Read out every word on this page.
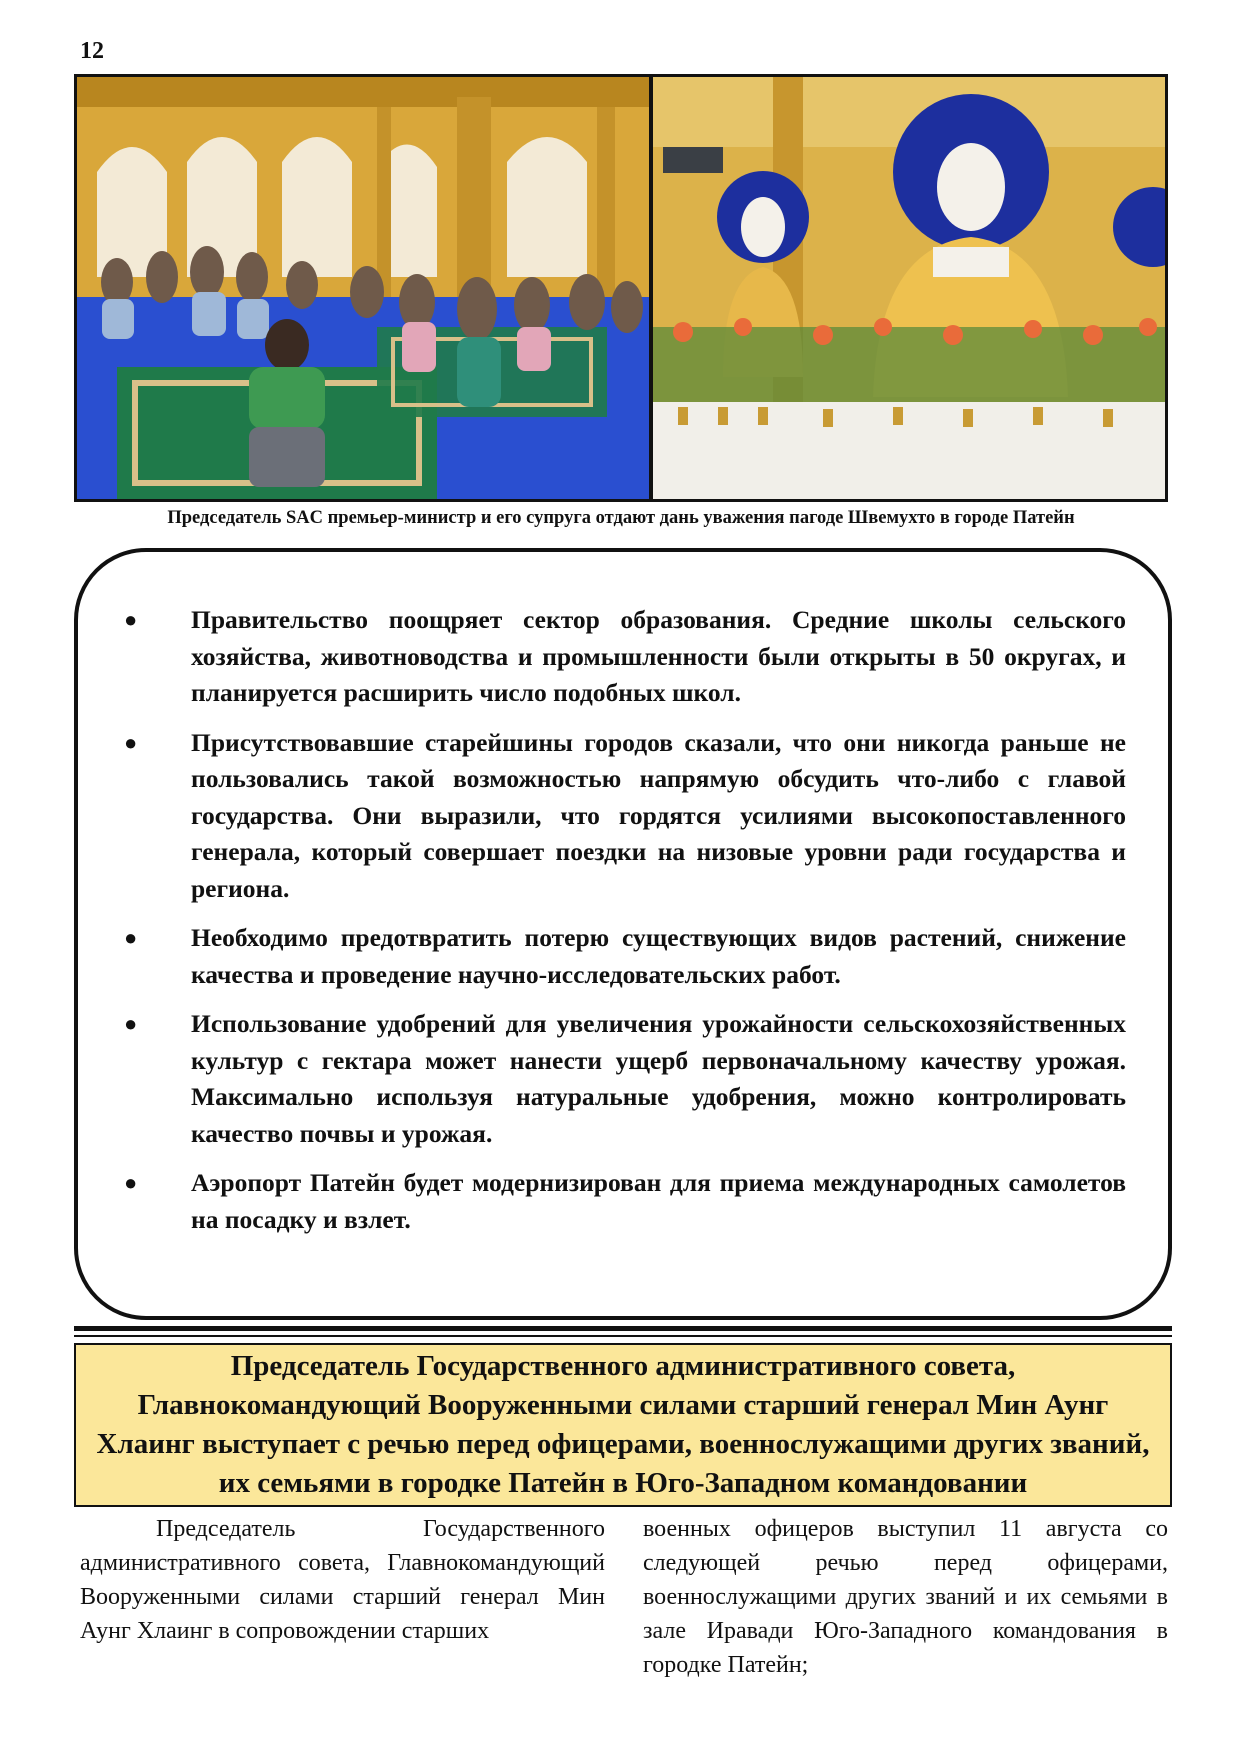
12
Председатель SAC премьер-министр и его супруга отдают дань уважения пагоде Швемухто в городе Патейн
● Правительство поощряет сектор образования. Средние школы сельского хозяйства, животноводства и промышленности были открыты в 50 округах, и планируется расширить число подобных школ.
● Присутствовавшие старейшины городов сказали, что они никогда раньше не пользовались такой возможностью напрямую обсудить что-либо с главой государства. Они выразили, что гордятся усилиями высокопоставленного генерала, который совершает поездки на низовые уровни ради государства и региона.
● Необходимо предотвратить потерю существующих видов растений, снижение качества и проведение научно-исследовательских работ.
● Использование удобрений для увеличения урожайности сельскохозяйственных культур с гектара может нанести ущерб первоначальному качеству урожая. Максимально используя натуральные удобрения, можно контролировать качество почвы и урожая.
● Аэропорт Патейн будет модернизирован для приема международных самолетов на посадку и взлет.

Председатель Государственного административного совета, Главнокомандующий Вооруженными силами старший генерал Мин Аунг Хлаинг выступает с речью перед офицерами, военнослужащими других званий, их семьями в городке Патейн в Юго-Западном командовании

Председатель Государственного административного совета, Главнокомандующий Вооруженными силами старший генерал Мин Аунг Хлаинг в сопровождении старших

военных офицеров выступил 11 августа со следующей речью перед офицерами, военнослужащими других званий и их семьями в зале Иравади Юго-Западного командования в городке Патейн;
